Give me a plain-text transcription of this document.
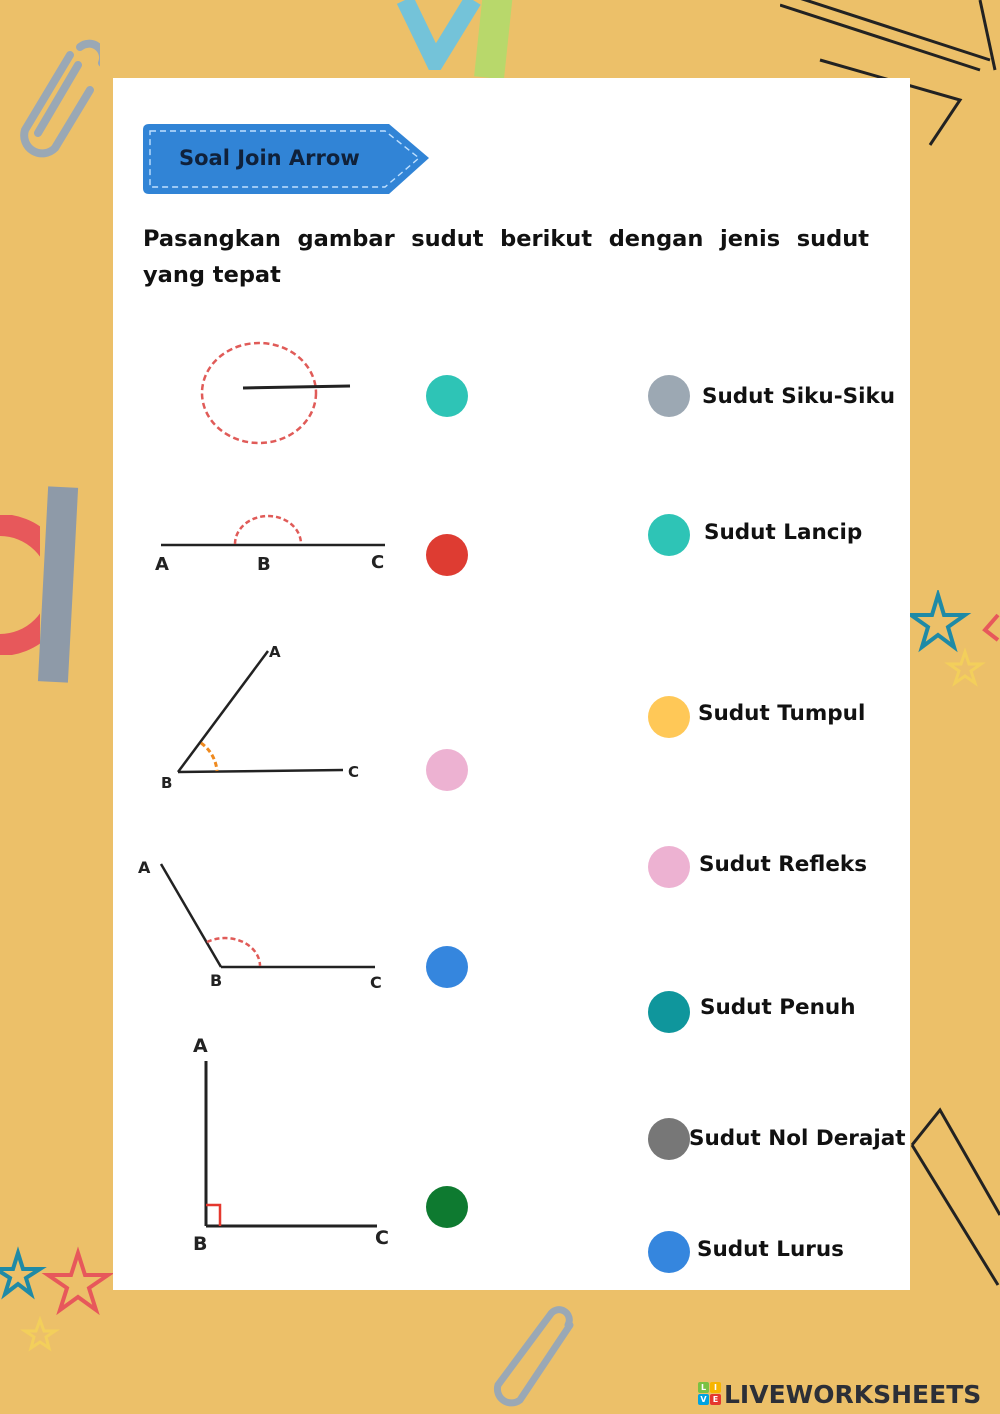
Soal Join Arrow
Pasangkan gambar sudut berikut dengan jenis sudut yang tepat
A	B	C
A
B
C
A
B	C
A
B	C
Sudut Siku-Siku
Sudut Lancip
Sudut Tumpul
Sudut Refleks
Sudut Penuh
Sudut Nol Derajat
Sudut Lurus
L I
V E LIVEWORKSHEETS
